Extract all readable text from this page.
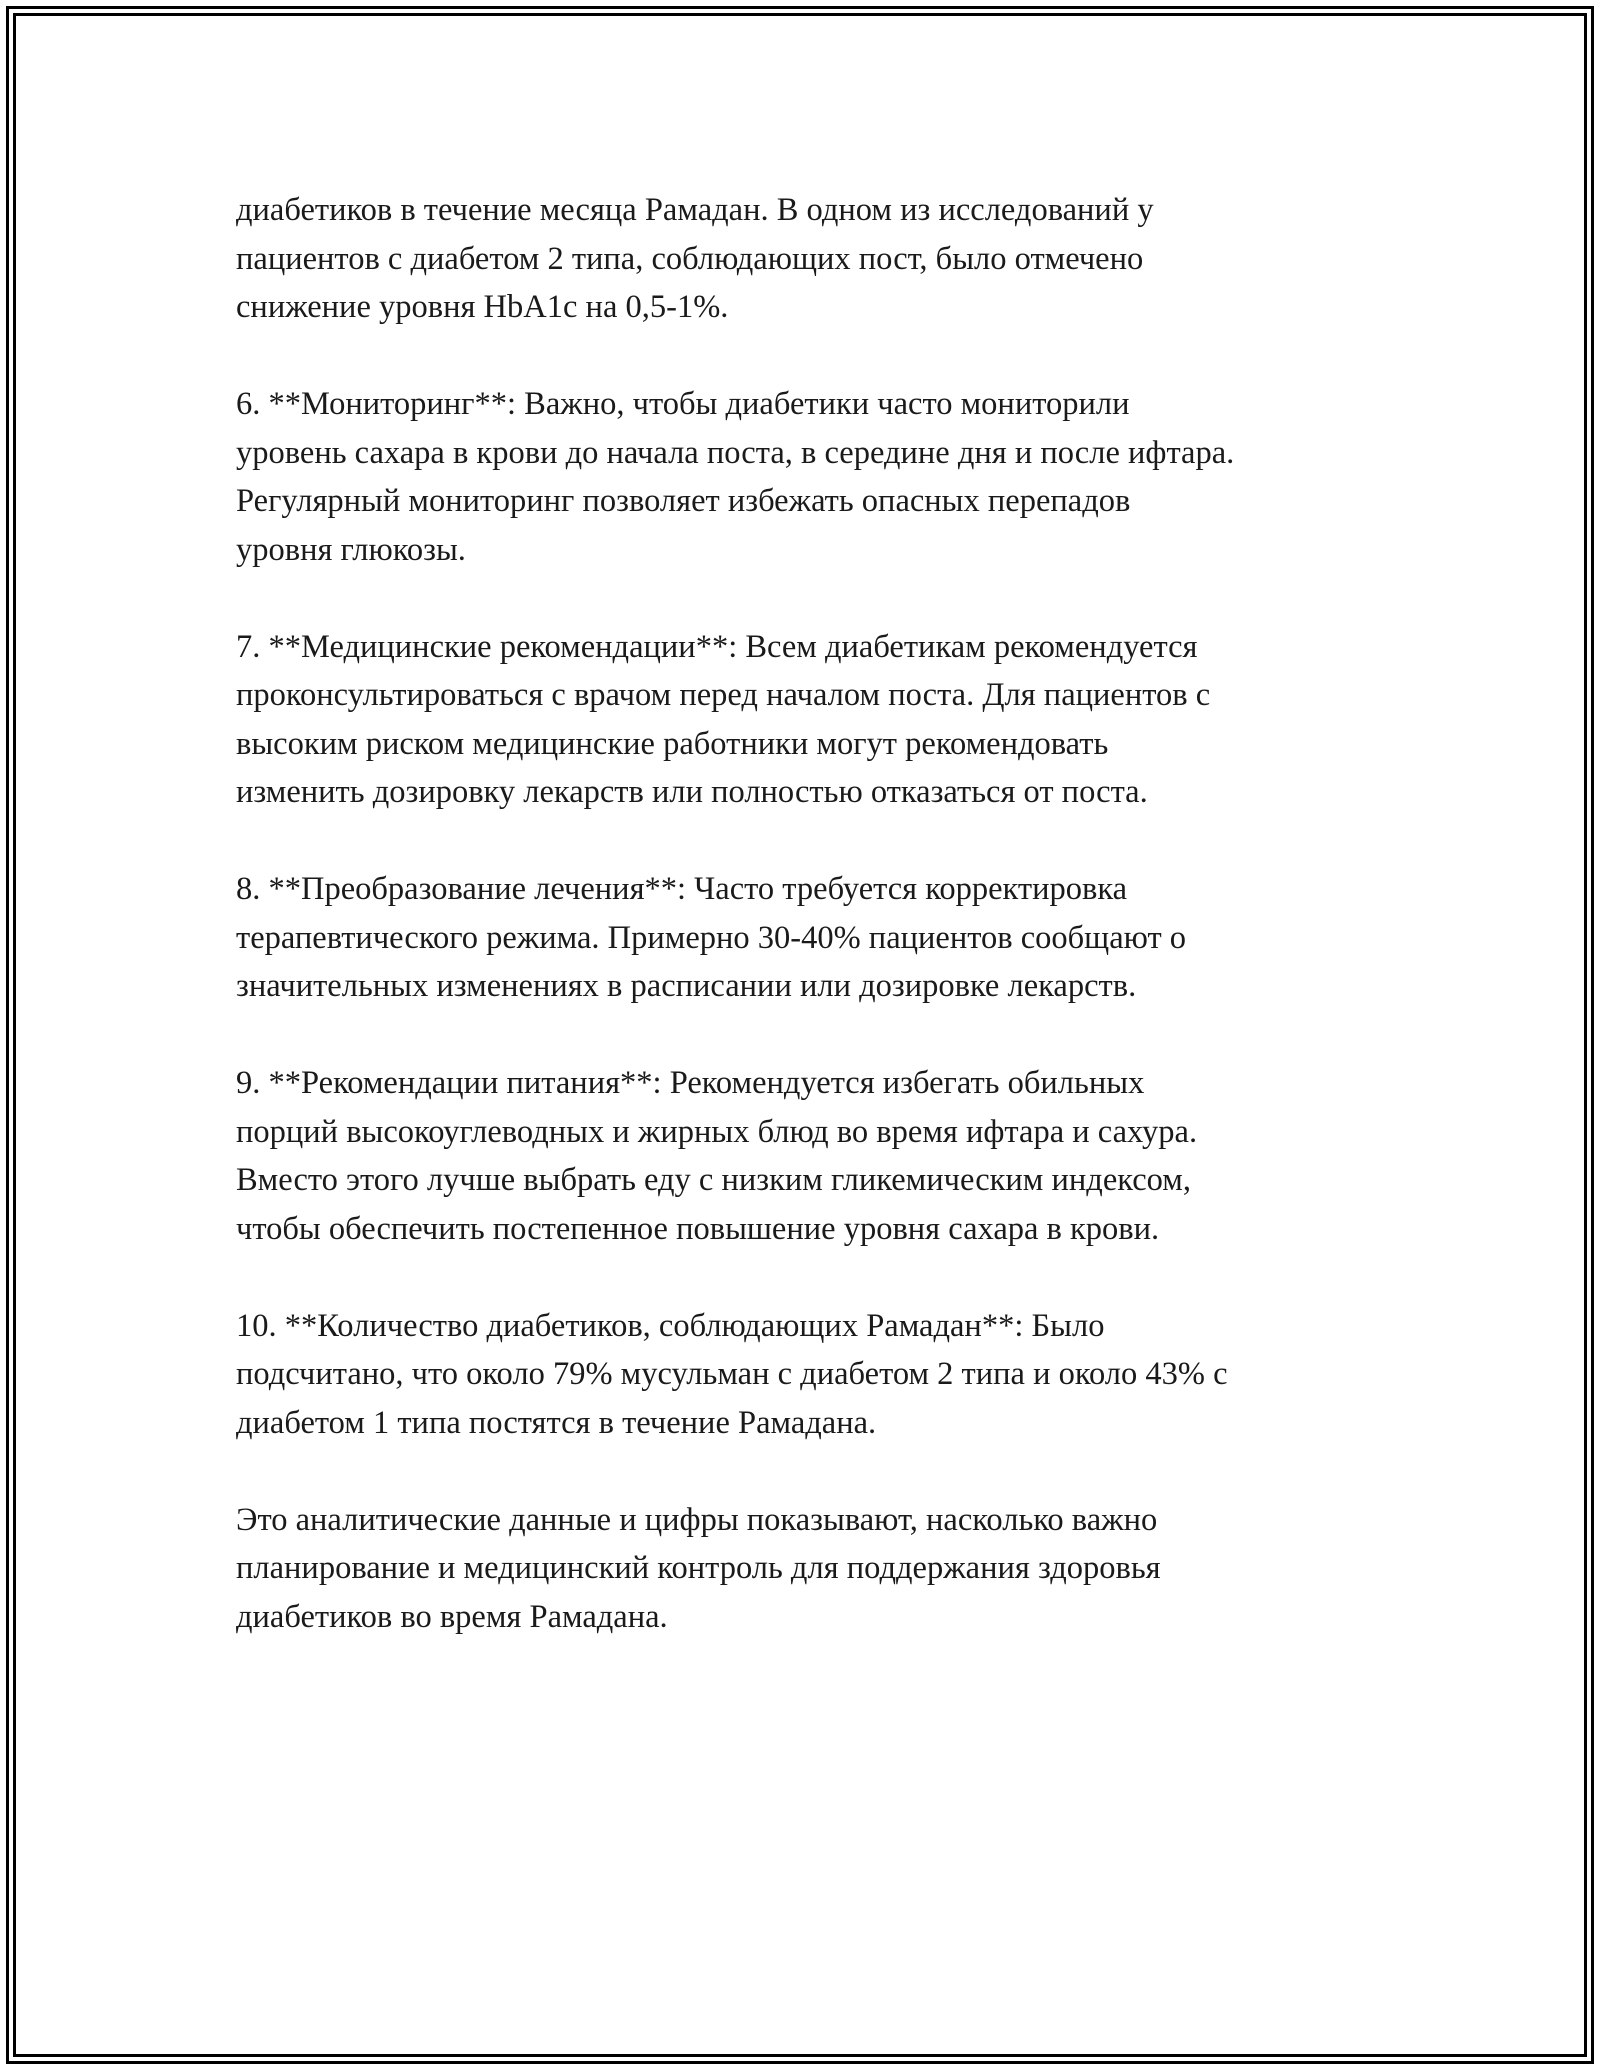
диабетиков в течение месяца Рамадан. В одном из исследований у
пациентов с диабетом 2 типа, соблюдающих пост, было отмечено
снижение уровня HbA1c на 0,5-1%.

6. **Мониторинг**: Важно, чтобы диабетики часто мониторили
уровень сахара в крови до начала поста, в середине дня и после ифтара.
Регулярный мониторинг позволяет избежать опасных перепадов
уровня глюкозы.

7. **Медицинские рекомендации**: Всем диабетикам рекомендуется
проконсультироваться с врачом перед началом поста. Для пациентов с
высоким риском медицинские работники могут рекомендовать
изменить дозировку лекарств или полностью отказаться от поста.

8. **Преобразование лечения**: Часто требуется корректировка
терапевтического режима. Примерно 30-40% пациентов сообщают о
значительных изменениях в расписании или дозировке лекарств.

9. **Рекомендации питания**: Рекомендуется избегать обильных
порций высокоуглеводных и жирных блюд во время ифтара и сахура.
Вместо этого лучше выбрать еду с низким гликемическим индексом,
чтобы обеспечить постепенное повышение уровня сахара в крови.

10. **Количество диабетиков, соблюдающих Рамадан**: Было
подсчитано, что около 79% мусульман с диабетом 2 типа и около 43% с
диабетом 1 типа постятся в течение Рамадана.

Это аналитические данные и цифры показывают, насколько важно
планирование и медицинский контроль для поддержания здоровья
диабетиков во время Рамадана.
